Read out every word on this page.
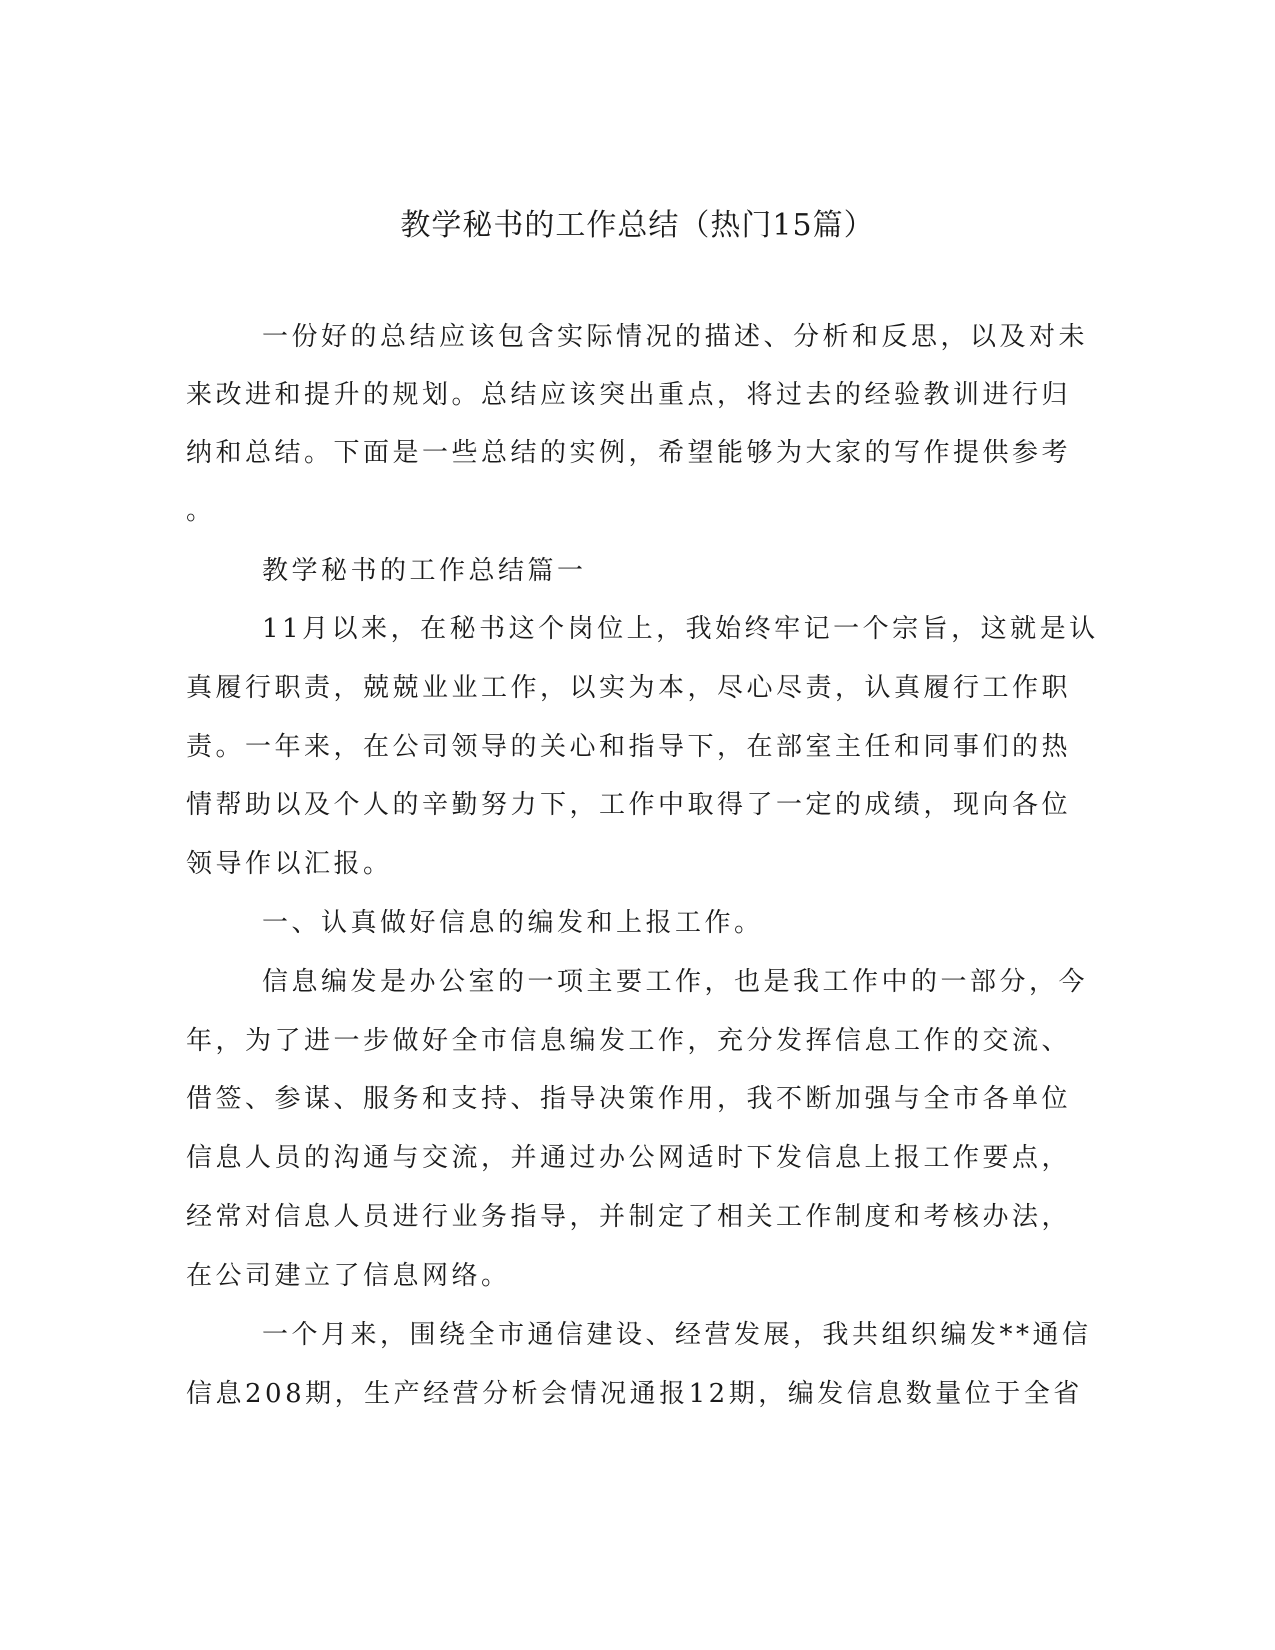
教学秘书的工作总结（热门15篇）
一份好的总结应该包含实际情况的描述、分析和反思，以及对未
来改进和提升的规划。总结应该突出重点，将过去的经验教训进行归
纳和总结。下面是一些总结的实例，希望能够为大家的写作提供参考
。
教学秘书的工作总结篇一
11月以来，在秘书这个岗位上，我始终牢记一个宗旨，这就是认
真履行职责，兢兢业业工作，以实为本，尽心尽责，认真履行工作职
责。一年来，在公司领导的关心和指导下，在部室主任和同事们的热
情帮助以及个人的辛勤努力下，工作中取得了一定的成绩，现向各位
领导作以汇报。
一、认真做好信息的编发和上报工作。
信息编发是办公室的一项主要工作，也是我工作中的一部分，今
年，为了进一步做好全市信息编发工作，充分发挥信息工作的交流、
借签、参谋、服务和支持、指导决策作用，我不断加强与全市各单位
信息人员的沟通与交流，并通过办公网适时下发信息上报工作要点，
经常对信息人员进行业务指导，并制定了相关工作制度和考核办法，
在公司建立了信息网络。
一个月来，围绕全市通信建设、经营发展，我共组织编发**通信
信息208期，生产经营分析会情况通报12期，编发信息数量位于全省
